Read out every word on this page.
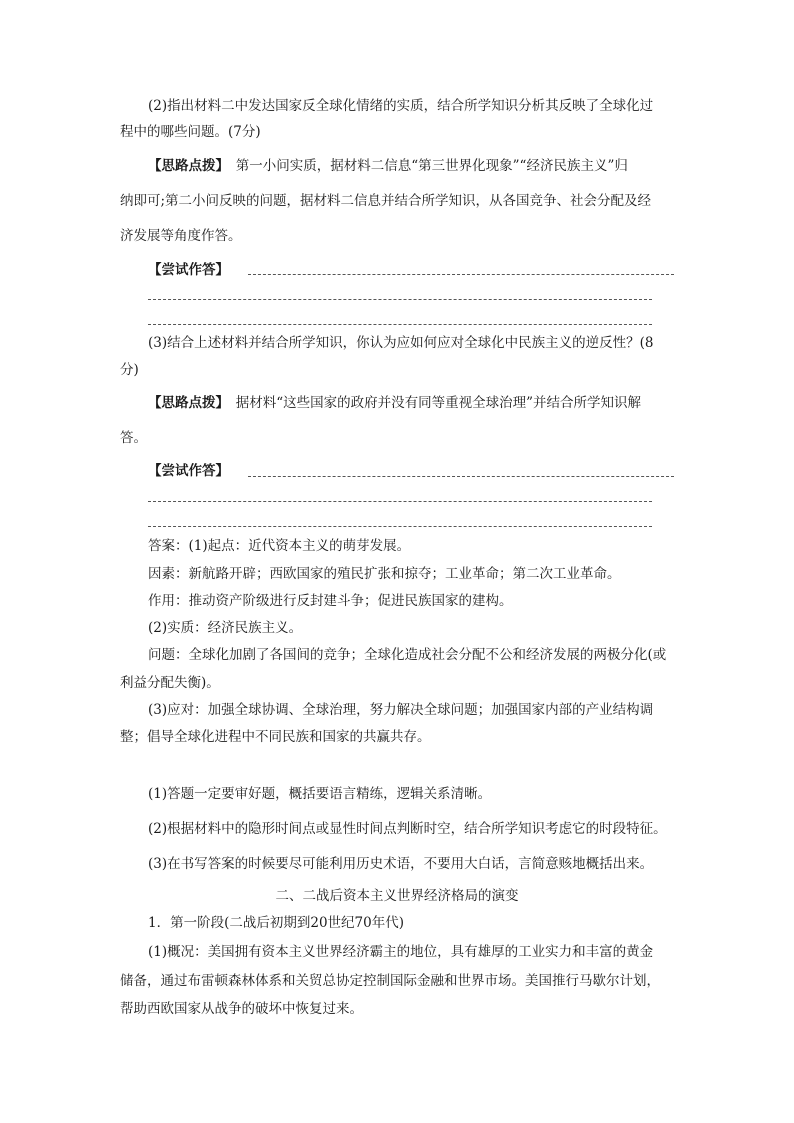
(2)指出材料二中发达国家反全球化情绪的实质，结合所学知识分析其反映了全球化过
程中的哪些问题。(7分)
【思路点拨】　第一小问实质，据材料二信息“第三世界化现象”“经济民族主义”归
纳即可;第二小问反映的问题，据材料二信息并结合所学知识，从各国竞争、社会分配及经
济发展等角度作答。
【尝试作答】
(3)结合上述材料并结合所学知识，你认为应如何应对全球化中民族主义的逆反性？(8
分)
【思路点拨】　据材料“这些国家的政府并没有同等重视全球治理”并结合所学知识解
答。
【尝试作答】
答案：(1)起点：近代资本主义的萌芽发展。
因素：新航路开辟；西欧国家的殖民扩张和掠夺；工业革命；第二次工业革命。
作用：推动资产阶级进行反封建斗争；促进民族国家的建构。
(2)实质：经济民族主义。
问题：全球化加剧了各国间的竞争；全球化造成社会分配不公和经济发展的两极分化(或
利益分配失衡)。
(3)应对：加强全球协调、全球治理，努力解决全球问题；加强国家内部的产业结构调
整；倡导全球化进程中不同民族和国家的共赢共存。
(1)答题一定要审好题，概括要语言精练，逻辑关系清晰。
(2)根据材料中的隐形时间点或显性时间点判断时空，结合所学知识考虑它的时段特征。
(3)在书写答案的时候要尽可能利用历史术语，不要用大白话，言简意赅地概括出来。
二、二战后资本主义世界经济格局的演变
1．第一阶段(二战后初期到20世纪70年代)
(1)概况：美国拥有资本主义世界经济霸主的地位，具有雄厚的工业实力和丰富的黄金
储备，通过布雷顿森林体系和关贸总协定控制国际金融和世界市场。美国推行马歇尔计划，
帮助西欧国家从战争的破坏中恢复过来。
